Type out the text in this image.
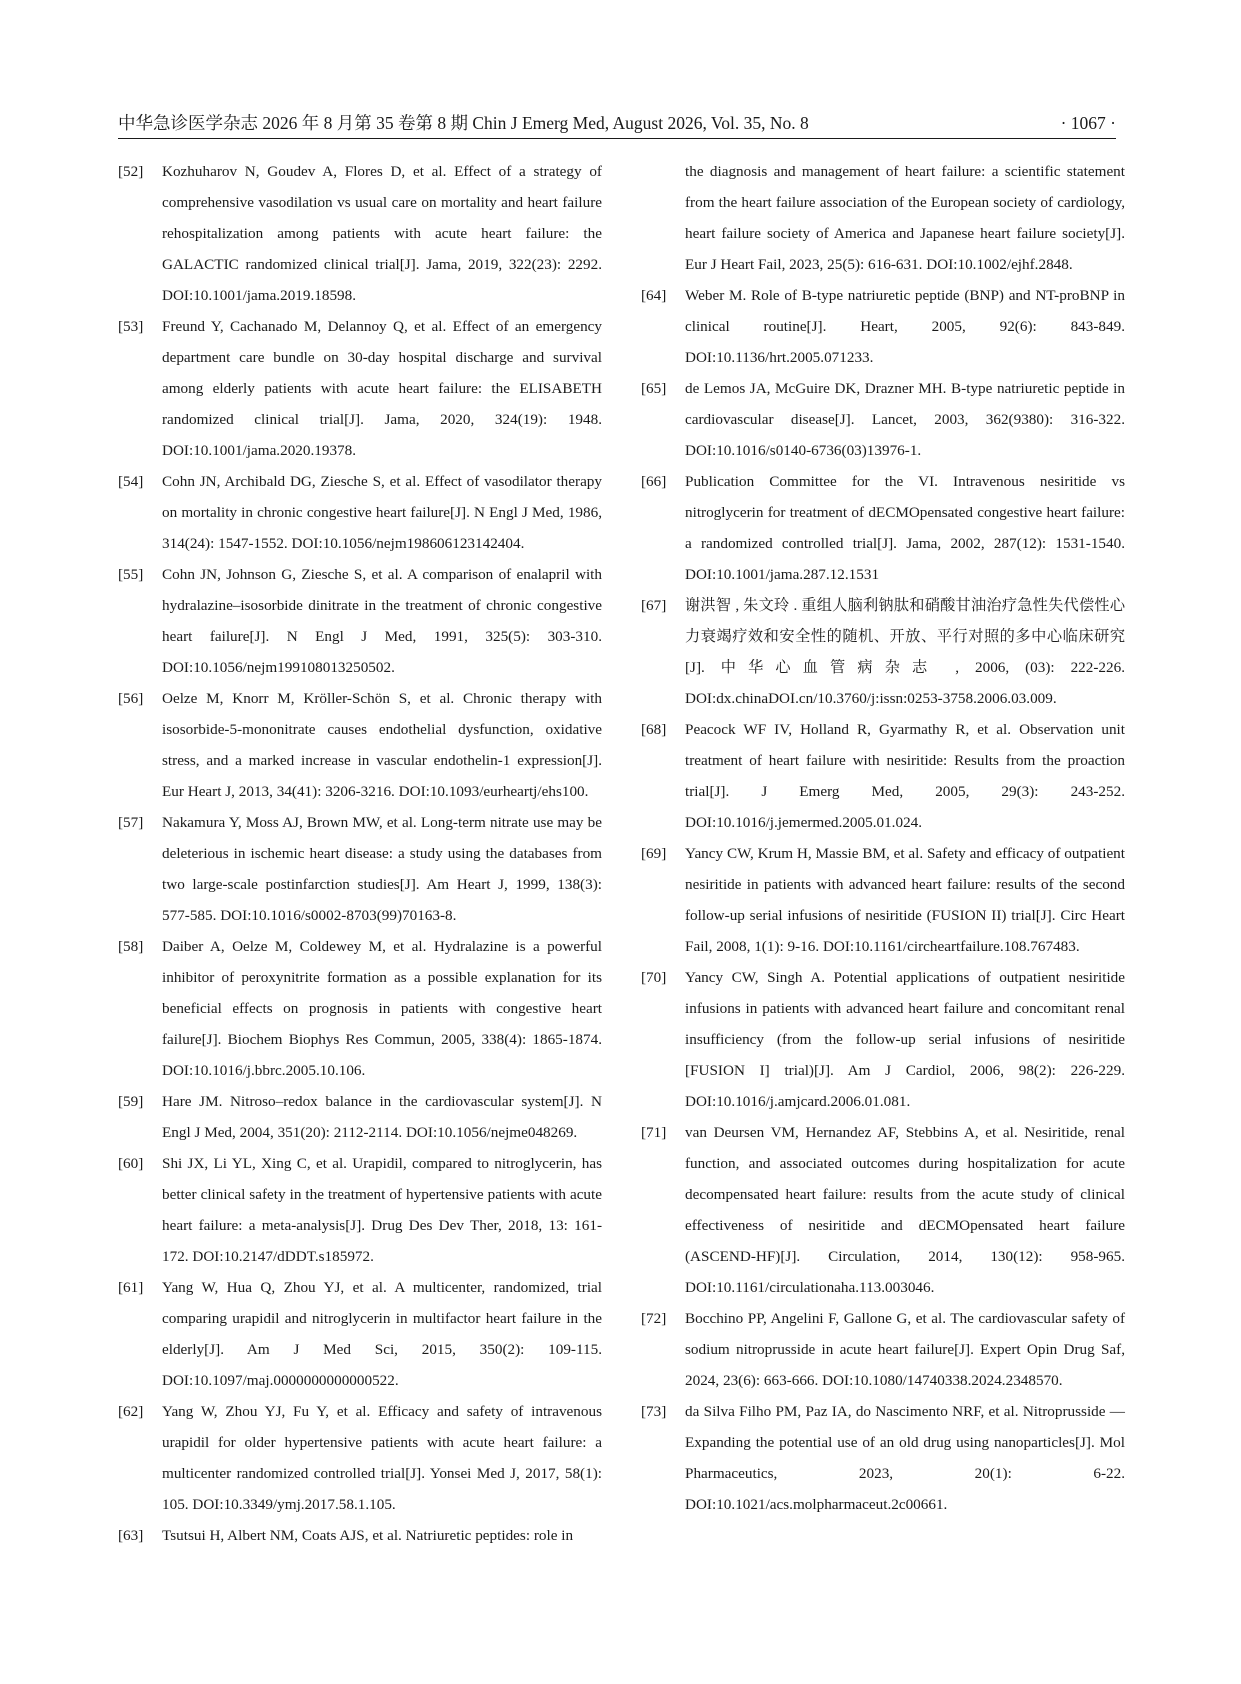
中华急诊医学杂志 2026 年 8 月第 35 卷第 8 期 Chin J Emerg Med, August 2026, Vol. 35, No. 8	· 1067 ·
[52] Kozhuharov N, Goudev A, Flores D, et al. Effect of a strategy of comprehensive vasodilation vs usual care on mortality and heart failure rehospitalization among patients with acute heart failure: the GALACTIC randomized clinical trial[J]. Jama, 2019, 322(23): 2292. DOI:10.1001/jama.2019.18598.
[53] Freund Y, Cachanado M, Delannoy Q, et al. Effect of an emergency department care bundle on 30-day hospital discharge and survival among elderly patients with acute heart failure: the ELISABETH randomized clinical trial[J]. Jama, 2020, 324(19): 1948. DOI:10.1001/jama.2020.19378.
[54] Cohn JN, Archibald DG, Ziesche S, et al. Effect of vasodilator therapy on mortality in chronic congestive heart failure[J]. N Engl J Med, 1986, 314(24): 1547-1552. DOI:10.1056/nejm198606123142404.
[55] Cohn JN, Johnson G, Ziesche S, et al. A comparison of enalapril with hydralazine–isosorbide dinitrate in the treatment of chronic congestive heart failure[J]. N Engl J Med, 1991, 325(5): 303-310. DOI:10.1056/nejm199108013250502.
[56] Oelze M, Knorr M, Kröller-Schön S, et al. Chronic therapy with isosorbide-5-mononitrate causes endothelial dysfunction, oxidative stress, and a marked increase in vascular endothelin-1 expression[J]. Eur Heart J, 2013, 34(41): 3206-3216. DOI:10.1093/eurheartj/ehs100.
[57] Nakamura Y, Moss AJ, Brown MW, et al. Long-term nitrate use may be deleterious in ischemic heart disease: a study using the databases from two large-scale postinfarction studies[J]. Am Heart J, 1999, 138(3): 577-585. DOI:10.1016/s0002-8703(99)70163-8.
[58] Daiber A, Oelze M, Coldewey M, et al. Hydralazine is a powerful inhibitor of peroxynitrite formation as a possible explanation for its beneficial effects on prognosis in patients with congestive heart failure[J]. Biochem Biophys Res Commun, 2005, 338(4): 1865-1874. DOI:10.1016/j.bbrc.2005.10.106.
[59] Hare JM. Nitroso–redox balance in the cardiovascular system[J]. N Engl J Med, 2004, 351(20): 2112-2114. DOI:10.1056/nejme048269.
[60] Shi JX, Li YL, Xing C, et al. Urapidil, compared to nitroglycerin, has better clinical safety in the treatment of hypertensive patients with acute heart failure: a meta-analysis[J]. Drug Des Dev Ther, 2018, 13: 161-172. DOI:10.2147/dDDT.s185972.
[61] Yang W, Hua Q, Zhou YJ, et al. A multicenter, randomized, trial comparing urapidil and nitroglycerin in multifactor heart failure in the elderly[J]. Am J Med Sci, 2015, 350(2): 109-115. DOI:10.1097/maj.0000000000000522.
[62] Yang W, Zhou YJ, Fu Y, et al. Efficacy and safety of intravenous urapidil for older hypertensive patients with acute heart failure: a multicenter randomized controlled trial[J]. Yonsei Med J, 2017, 58(1): 105. DOI:10.3349/ymj.2017.58.1.105.
[63] Tsutsui H, Albert NM, Coats AJS, et al. Natriuretic peptides: role in
the diagnosis and management of heart failure: a scientific statement from the heart failure association of the European society of cardiology, heart failure society of America and Japanese heart failure society[J]. Eur J Heart Fail, 2023, 25(5): 616-631. DOI:10.1002/ejhf.2848.
[64] Weber M. Role of B-type natriuretic peptide (BNP) and NT-proBNP in clinical routine[J]. Heart, 2005, 92(6): 843-849. DOI:10.1136/hrt.2005.071233.
[65] de Lemos JA, McGuire DK, Drazner MH. B-type natriuretic peptide in cardiovascular disease[J]. Lancet, 2003, 362(9380): 316-322. DOI:10.1016/s0140-6736(03)13976-1.
[66] Publication Committee for the VI. Intravenous nesiritide vs nitroglycerin for treatment of dECMOpensated congestive heart failure: a randomized controlled trial[J]. Jama, 2002, 287(12): 1531-1540. DOI:10.1001/jama.287.12.1531
[67] 谢洪智 , 朱文玲 . 重组人脑利钠肽和硝酸甘油治疗急性失代偿性心力衰竭疗效和安全性的随机、开放、平行对照的多中心临床研究 [J]. 中华心血管病杂志 , 2006, (03): 222-226. DOI:dx.chinaDOI.cn/10.3760/j:issn:0253-3758.2006.03.009.
[68] Peacock WF IV, Holland R, Gyarmathy R, et al. Observation unit treatment of heart failure with nesiritide: Results from the proaction trial[J]. J Emerg Med, 2005, 29(3): 243-252. DOI:10.1016/j.jemermed.2005.01.024.
[69] Yancy CW, Krum H, Massie BM, et al. Safety and efficacy of outpatient nesiritide in patients with advanced heart failure: results of the second follow-up serial infusions of nesiritide (FUSION II) trial[J]. Circ Heart Fail, 2008, 1(1): 9-16. DOI:10.1161/circheartfailure.108.767483.
[70] Yancy CW, Singh A. Potential applications of outpatient nesiritide infusions in patients with advanced heart failure and concomitant renal insufficiency (from the follow-up serial infusions of nesiritide [FUSION I] trial)[J]. Am J Cardiol, 2006, 98(2): 226-229. DOI:10.1016/j.amjcard.2006.01.081.
[71] van Deursen VM, Hernandez AF, Stebbins A, et al. Nesiritide, renal function, and associated outcomes during hospitalization for acute decompensated heart failure: results from the acute study of clinical effectiveness of nesiritide and dECMOpensated heart failure (ASCEND-HF)[J]. Circulation, 2014, 130(12): 958-965. DOI:10.1161/circulationaha.113.003046.
[72] Bocchino PP, Angelini F, Gallone G, et al. The cardiovascular safety of sodium nitroprusside in acute heart failure[J]. Expert Opin Drug Saf, 2024, 23(6): 663-666. DOI:10.1080/14740338.2024.2348570.
[73] da Silva Filho PM, Paz IA, do Nascimento NRF, et al. Nitroprusside — Expanding the potential use of an old drug using nanoparticles[J]. Mol Pharmaceutics, 2023, 20(1): 6-22. DOI:10.1021/acs.molpharmaceut.2c00661.
